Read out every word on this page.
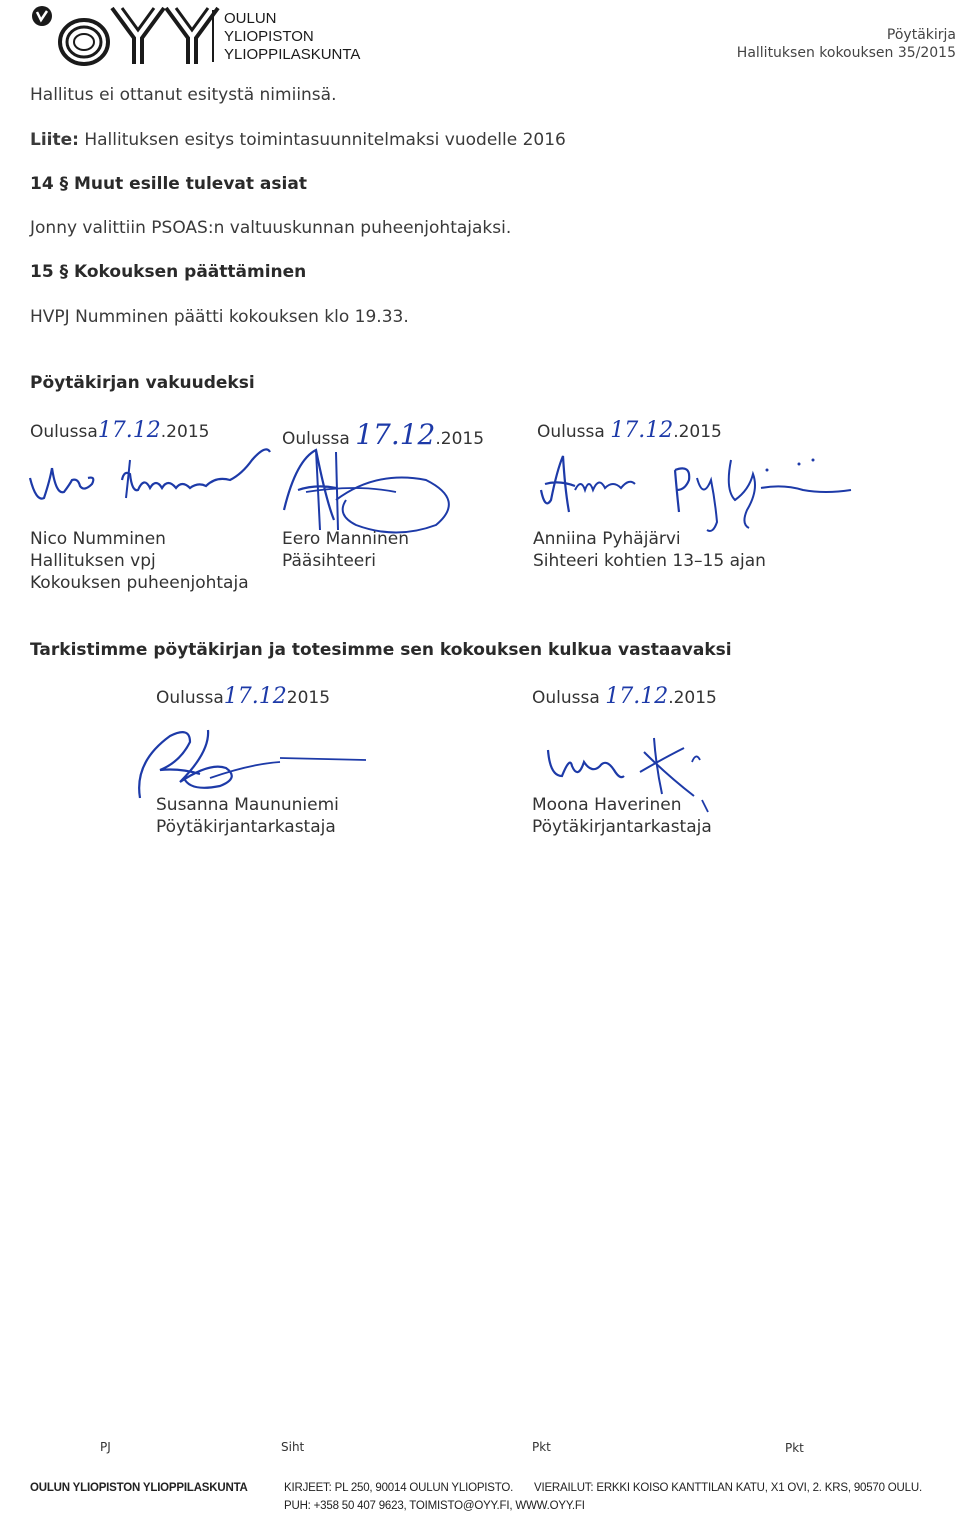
OULUN
YLIOPISTON
YLIOPPILASKUNTA
Pöytäkirja
Hallituksen kokouksen 35/2015
Hallitus ei ottanut esitystä nimiinsä.
Liite: Hallituksen esitys toimintasuunnitelmaksi vuodelle 2016
14 § Muut esille tulevat asiat
Jonny valittiin PSOAS:n valtuuskunnan puheenjohtajaksi.
15 § Kokouksen päättäminen
HVPJ Numminen päätti kokouksen klo 19.33.
Pöytäkirjan vakuudeksi
Oulussa17.12.2015
Nico Numminen
Hallituksen vpj
Kokouksen puheenjohtaja
Oulussa 17.12.2015
Eero Manninen
Pääsihteeri
Oulussa 17.12.2015
Anniina Pyhäjärvi
Sihteeri kohtien 13–15 ajan
Tarkistimme pöytäkirjan ja totesimme sen kokouksen kulkua vastaavaksi
Oulussa17.122015
Susanna Maununiemi
Pöytäkirjantarkastaja
Oulussa 17.12.2015
Moona Haverinen
Pöytäkirjantarkastaja
PJ	Siht	Pkt	Pkt
OULUN YLIOPISTON YLIOPPILASKUNTA	KIRJEET: PL 250, 90014 OULUN YLIOPISTO. VIERAILUT: ERKKI KOISO KANTTILAN KATU, X1 OVI, 2. KRS, 90570 OULU.
PUH: +358 50 407 9623, TOIMISTO@OYY.FI, WWW.OYY.FI
